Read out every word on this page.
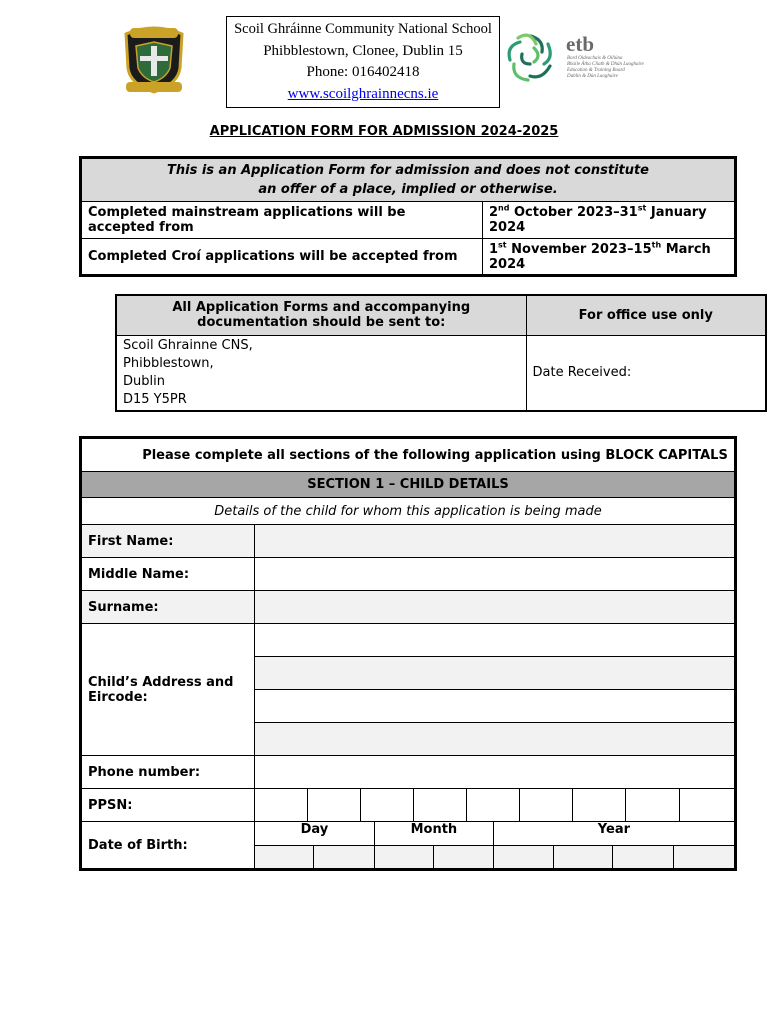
Scoil Ghráinne Community National School
Phibblestown, Clonee, Dublin 15
Phone: 016402418
www.scoilghrainnecns.ie
etb
Bord Oideachais & Oiliúna
Bhaile Átha Cliath & Dhún Laoghaire
Education & Training Board
Dublin & Dún Laoghaire
APPLICATION FORM FOR ADMISSION 2024-2025
This is an Application Form for admission and does not constitute
an offer of a place, implied or otherwise.	

Completed mainstream applications will be accepted from	2nd October 2023–31st January 2024
Completed Croí applications will be accepted from	1st November 2023–15th March 2024
All Application Forms and accompanying documentation should be sent to:	For office use only

Scoil Ghrainne CNS,
Phibblestown,
Dublin
D15 Y5PR	Date Received:
Please complete all sections of the following application using BLOCK CAPITALS																
SECTION 1 – CHILD DETAILS																
Details of the child for whom this application is being made																
First Name:																
Middle Name:																
Surname:																
Child’s Address and Eircode:																

Phone number:																
PPSN:																
Date of Birth:	Day				Month				Year							
